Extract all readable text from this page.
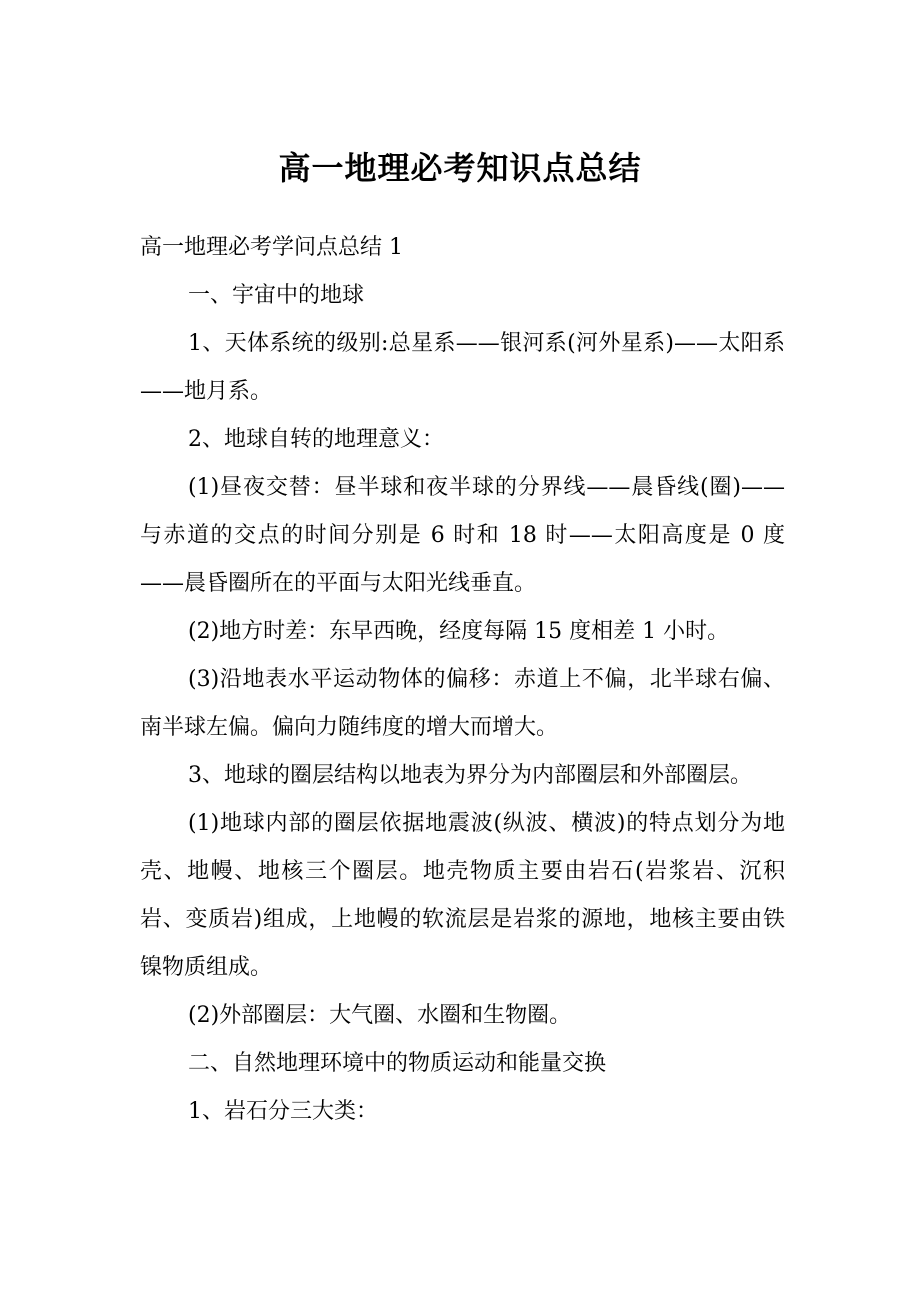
高一地理必考知识点总结

高一地理必考学问点总结 1

一、宇宙中的地球

1、天体系统的级别:总星系——银河系(河外星系)——太阳系——地月系。

2、地球自转的地理意义：

(1)昼夜交替：昼半球和夜半球的分界线——晨昏线(圈)——与赤道的交点的时间分别是 6 时和 18 时——太阳高度是 0 度——晨昏圈所在的平面与太阳光线垂直。

(2)地方时差：东早西晚，经度每隔 15 度相差 1 小时。

(3)沿地表水平运动物体的偏移：赤道上不偏，北半球右偏、南半球左偏。偏向力随纬度的增大而增大。

3、地球的圈层结构以地表为界分为内部圈层和外部圈层。

(1)地球内部的圈层依据地震波(纵波、横波)的特点划分为地壳、地幔、地核三个圈层。地壳物质主要由岩石(岩浆岩、沉积岩、变质岩)组成，上地幔的软流层是岩浆的源地，地核主要由铁镍物质组成。

(2)外部圈层：大气圈、水圈和生物圈。

二、自然地理环境中的物质运动和能量交换

1、岩石分三大类：
